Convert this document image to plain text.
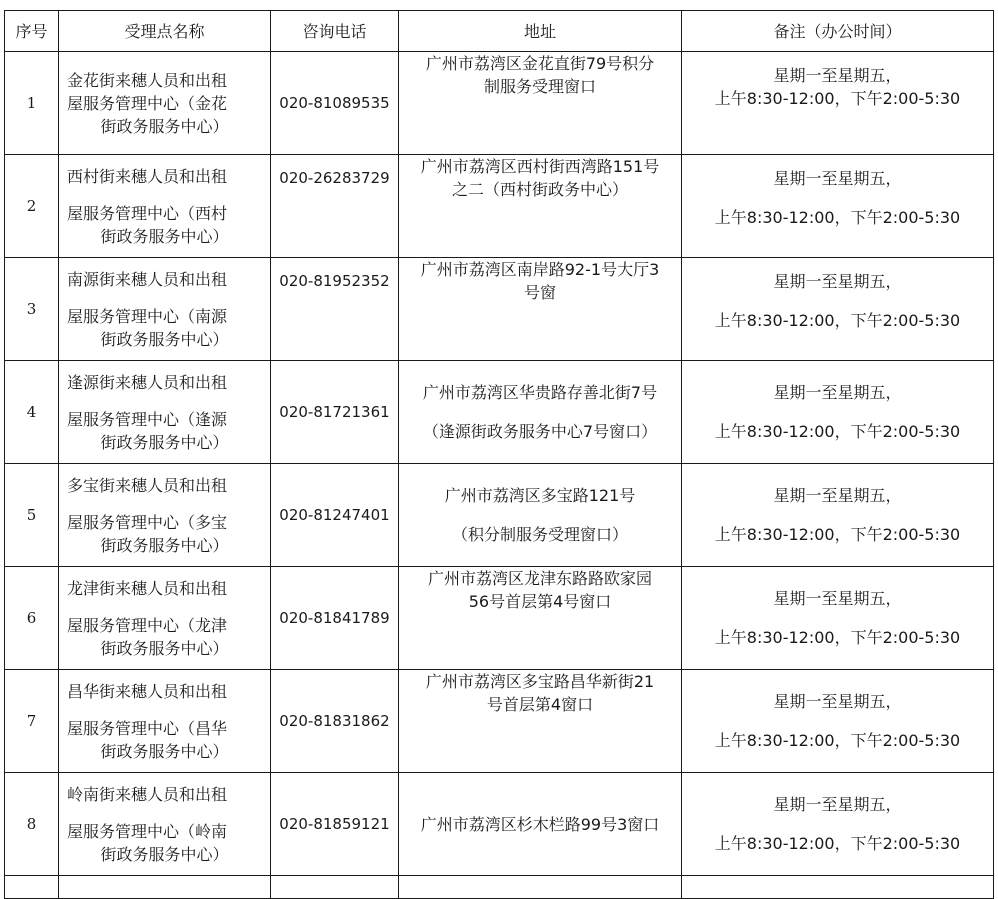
序号	受理点名称	咨询电话	地址	备注（办公时间）
1	金花街来穗人员和出租
屋服务管理中心（金花
街政务服务中心）	020-81089535	广州市荔湾区金花直街79号积分
制服务受理窗口	星期一至星期五，
上午8:30-12:00，下午2:00-5:30

2	西村街来穗人员和出租
屋服务管理中心（西村
街政务服务中心）	020-26283729	广州市荔湾区西村街西湾路151号
之二（西村街政务中心）	星期一至星期五，
上午8:30-12:00，下午2:00-5:30

3	南源街来穗人员和出租
屋服务管理中心（南源
街政务服务中心）	020-81952352	广州市荔湾区南岸路92-1号大厅3
号窗	星期一至星期五，
上午8:30-12:00，下午2:00-5:30

4	逢源街来穗人员和出租
屋服务管理中心（逢源
街政务服务中心）	020-81721361	广州市荔湾区华贵路存善北街7号
（逢源街政务服务中心7号窗口）	星期一至星期五，
上午8:30-12:00，下午2:00-5:30

5	多宝街来穗人员和出租
屋服务管理中心（多宝
街政务服务中心）	020-81247401	广州市荔湾区多宝路121号
（积分制服务受理窗口）	星期一至星期五，
上午8:30-12:00，下午2:00-5:30

6	龙津街来穗人员和出租
屋服务管理中心（龙津
街政务服务中心）	020-81841789	广州市荔湾区龙津东路路欧家园
56号首层第4号窗口	星期一至星期五，
上午8:30-12:00，下午2:00-5:30

7	昌华街来穗人员和出租
屋服务管理中心（昌华
街政务服务中心）	020-81831862	广州市荔湾区多宝路昌华新街21
号首层第4窗口	星期一至星期五，
上午8:30-12:00，下午2:00-5:30

8	岭南街来穗人员和出租
屋服务管理中心（岭南
街政务服务中心）	020-81859121	广州市荔湾区杉木栏路99号3窗口	星期一至星期五，
上午8:30-12:00，下午2:00-5:30
